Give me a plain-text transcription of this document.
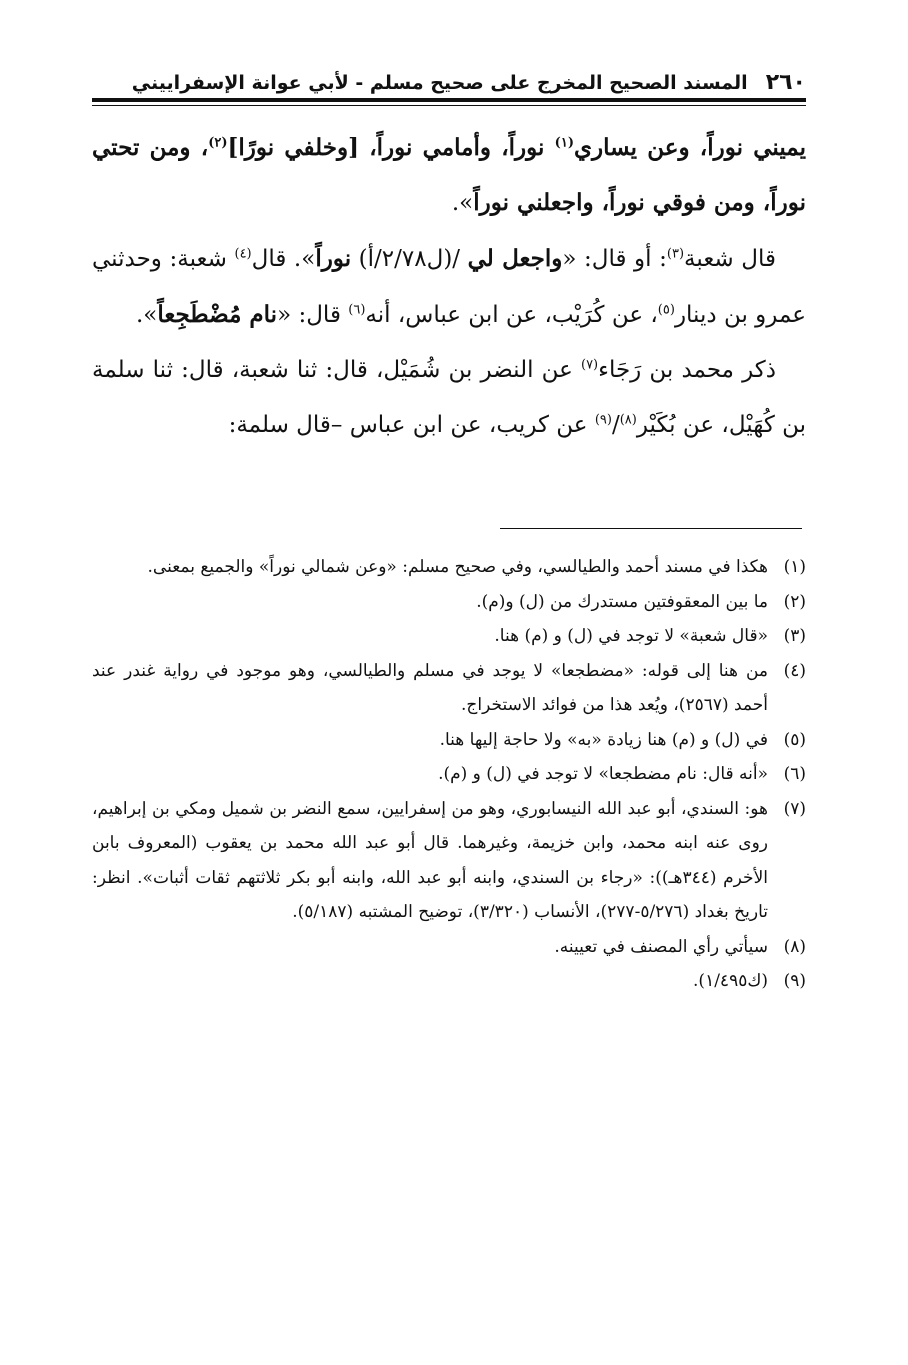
٢٦٠
المسند الصحيح المخرج على صحيح مسلم - لأبي عوانة الإسفراييني

يميني نوراً، وعن يساري$^{(١)}$ نوراً، وأمامي نوراً، [وخلفي نورًا]$^{(٢)}$، ومن تحتي نوراً، ومن فوقي نوراً، واجعلني نوراً».

قال شعبة$^{(٣)}$: أو قال: «واجعل لي /(ل٢/٧٨/أ) نوراً». قال$^{(٤)}$ شعبة: وحدثني عمرو بن دينار$^{(٥)}$، عن كُرَيْب، عن ابن عباس، أنه$^{(٦)}$ قال: «نام مُضْطَجِعاً».

ذكر محمد بن رَجَاء$^{(٧)}$ عن النضر بن شُمَيْل، قال: ثنا شعبة، قال: ثنا سلمة بن كُهَيْل، عن بُكَيْر$^{(٨)}$/$^{(٩)}$ عن كريب، عن ابن عباس –قال سلمة:

(١)
هكذا في مسند أحمد والطيالسي، وفي صحيح مسلم: «وعن شمالي نوراً» والجميع بمعنى.
(٢)
ما بين المعقوفتين مستدرك من (ل) و(م).
(٣)
«قال شعبة» لا توجد في (ل) و (م) هنا.
(٤)
من هنا إلى قوله: «مضطجعا» لا يوجد في مسلم والطيالسي، وهو موجود في رواية غندر عند أحمد (٢٥٦٧)، ويُعد هذا من فوائد الاستخراج.
(٥)
في (ل) و (م) هنا زيادة «به» ولا حاجة إليها هنا.
(٦)
«أنه قال: نام مضطجعا» لا توجد في (ل) و (م).
(٧)
هو: السندي، أبو عبد الله النيسابوري، وهو من إسفرايين، سمع النضر بن شميل ومكي بن إبراهيم، روى عنه ابنه محمد، وابن خزيمة، وغيرهما. قال أبو عبد الله محمد بن يعقوب (المعروف بابن الأخرم (٣٤٤هـ)): «رجاء بن السندي، وابنه أبو عبد الله، وابنه أبو بكر ثلاثتهم ثقات أثبات». انظر: تاريخ بغداد (٥/٢٧٦-٢٧٧)، الأنساب (٣/٣٢٠)، توضيح المشتبه (٥/١٨٧).
(٨)
سيأتي رأي المصنف في تعيينه.
(٩)
(ك١/٤٩٥).
